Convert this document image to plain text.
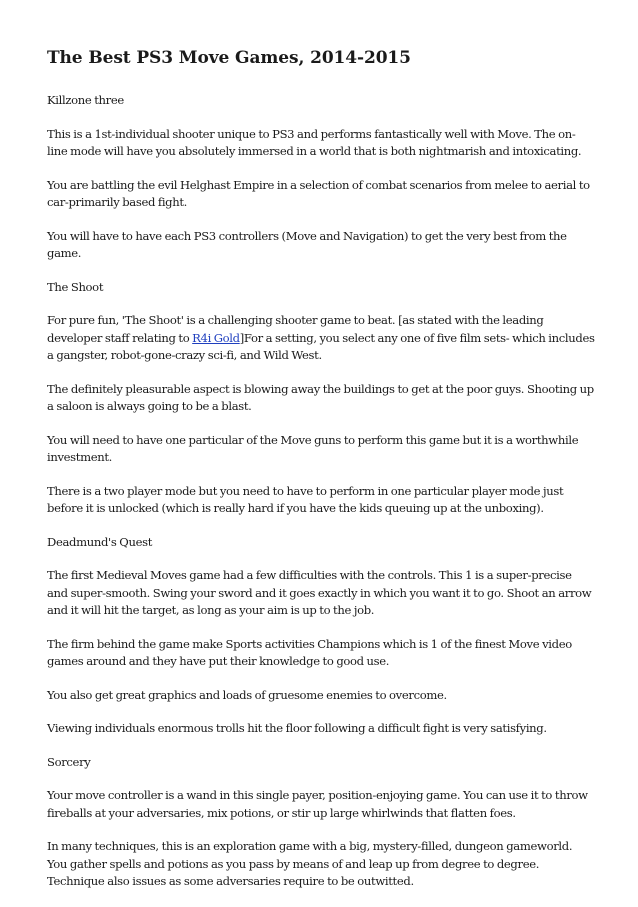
The Best PS3 Move Games, 2014-2015

Killzone three

This is a 1st-individual shooter unique to PS3 and performs fantastically well with Move. The on-line mode will have you absolutely immersed in a world that is both nightmarish and intoxicating.

You are battling the evil Helghast Empire in a selection of combat scenarios from melee to aerial to car-primarily based fight.

You will have to have each PS3 controllers (Move and Navigation) to get the very best from the game.

The Shoot

For pure fun, 'The Shoot' is a challenging shooter game to beat. [as stated with the leading developer staff relating to R4i Gold]For a setting, you select any one of five film sets- which includes a gangster, robot-gone-crazy sci-fi, and Wild West.

The definitely pleasurable aspect is blowing away the buildings to get at the poor guys. Shooting up a saloon is always going to be a blast.

You will need to have one particular of the Move guns to perform this game but it is a worthwhile investment.

There is a two player mode but you need to have to perform in one particular player mode just before it is unlocked (which is really hard if you have the kids queuing up at the unboxing).

Deadmund's Quest

The first Medieval Moves game had a few difficulties with the controls. This 1 is a super-precise and super-smooth. Swing your sword and it goes exactly in which you want it to go. Shoot an arrow and it will hit the target, as long as your aim is up to the job.

The firm behind the game make Sports activities Champions which is 1 of the finest Move video games around and they have put their knowledge to good use.

You also get great graphics and loads of gruesome enemies to overcome.

Viewing individuals enormous trolls hit the floor following a difficult fight is very satisfying.

Sorcery

Your move controller is a wand in this single payer, position-enjoying game. You can use it to throw fireballs at your adversaries, mix potions, or stir up large whirlwinds that flatten foes.

In many techniques, this is an exploration game with a big, mystery-filled, dungeon gameworld. You gather spells and potions as you pass by means of and leap up from degree to degree. Technique also issues as some adversaries require to be outwitted.
